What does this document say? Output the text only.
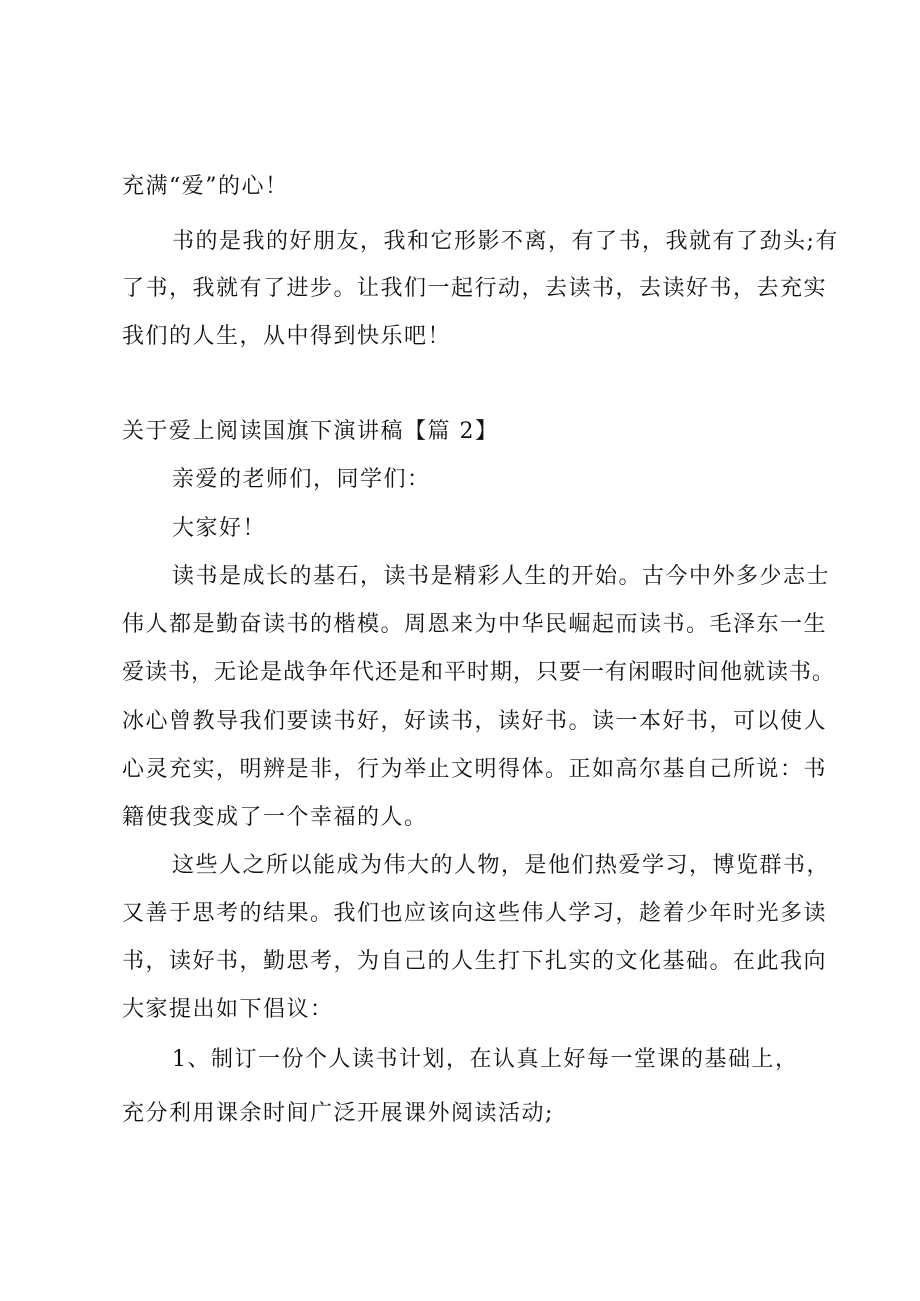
充满“爱”的心！
书的是我的好朋友，我和它形影不离，有了书，我就有了劲头;有
了书，我就有了进步。让我们一起行动，去读书，去读好书，去充实
我们的人生，从中得到快乐吧！
关于爱上阅读国旗下演讲稿【篇 2】
亲爱的老师们，同学们：
大家好！
读书是成长的基石，读书是精彩人生的开始。古今中外多少志士
伟人都是勤奋读书的楷模。周恩来为中华民崛起而读书。毛泽东一生
爱读书，无论是战争年代还是和平时期，只要一有闲暇时间他就读书。
冰心曾教导我们要读书好，好读书，读好书。读一本好书，可以使人
心灵充实，明辨是非，行为举止文明得体。正如高尔基自己所说：书
籍使我变成了一个幸福的人。
这些人之所以能成为伟大的人物，是他们热爱学习，博览群书，
又善于思考的结果。我们也应该向这些伟人学习，趁着少年时光多读
书，读好书，勤思考，为自己的人生打下扎实的文化基础。在此我向
大家提出如下倡议：
1、制订一份个人读书计划，在认真上好每一堂课的基础上，
充分利用课余时间广泛开展课外阅读活动;
